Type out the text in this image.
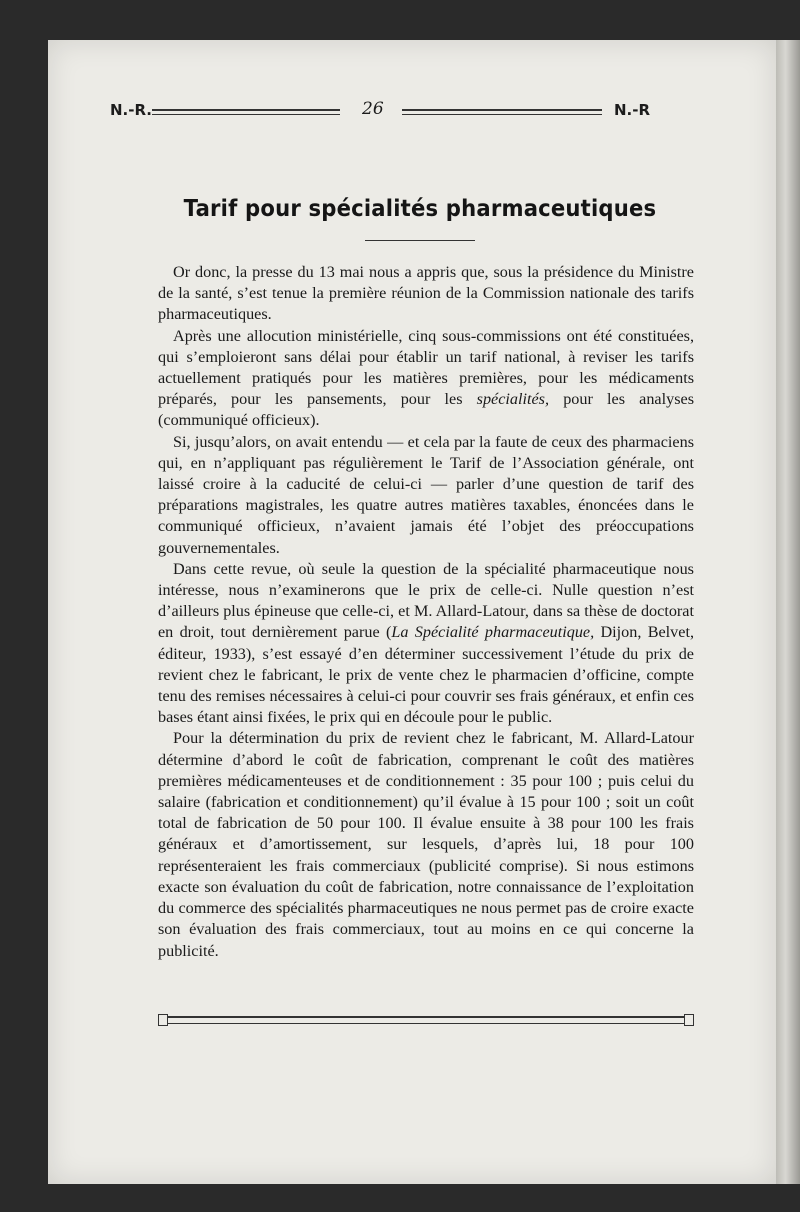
N.-R.	26	N.-R
Tarif pour spécialités pharmaceutiques

Or donc, la presse du 13 mai nous a appris que, sous la présidence du Ministre de la santé, s’est tenue la première réunion de la Commission nationale des tarifs pharmaceutiques.

Après une allocution ministérielle, cinq sous-commissions ont été constituées, qui s’emploieront sans délai pour établir un tarif national, à reviser les tarifs actuellement pratiqués pour les matières premières, pour les médicaments préparés, pour les pansements, pour les spécialités, pour les analyses (communiqué officieux).

Si, jusqu’alors, on avait entendu — et cela par la faute de ceux des pharmaciens qui, en n’appliquant pas régulièrement le Tarif de l’Association générale, ont laissé croire à la caducité de celui-ci — parler d’une question de tarif des préparations magistrales, les quatre autres matières taxables, énoncées dans le communiqué officieux, n’avaient jamais été l’objet des préoccupations gouvernementales.

Dans cette revue, où seule la question de la spécialité pharmaceutique nous intéresse, nous n’examinerons que le prix de celle-ci. Nulle question n’est d’ailleurs plus épineuse que celle-ci, et M. Allard-Latour, dans sa thèse de doctorat en droit, tout dernièrement parue (La Spécialité pharmaceutique, Dijon, Belvet, éditeur, 1933), s’est essayé d’en déterminer successivement l’étude du prix de revient chez le fabricant, le prix de vente chez le pharmacien d’officine, compte tenu des remises nécessaires à celui-ci pour couvrir ses frais généraux, et enfin ces bases étant ainsi fixées, le prix qui en découle pour le public.

Pour la détermination du prix de revient chez le fabricant, M. Allard-Latour détermine d’abord le coût de fabrication, comprenant le coût des matières premières médicamenteuses et de conditionnement : 35 pour 100 ; puis celui du salaire (fabrication et conditionnement) qu’il évalue à 15 pour 100 ; soit un coût total de fabrication de 50 pour 100. Il évalue ensuite à 38 pour 100 les frais généraux et d’amortissement, sur lesquels, d’après lui, 18 pour 100 représenteraient les frais commerciaux (publicité comprise). Si nous estimons exacte son évaluation du coût de fabrication, notre connaissance de l’exploitation du commerce des spécialités pharmaceutiques ne nous permet pas de croire exacte son évaluation des frais commerciaux, tout au moins en ce qui concerne la publicité.
